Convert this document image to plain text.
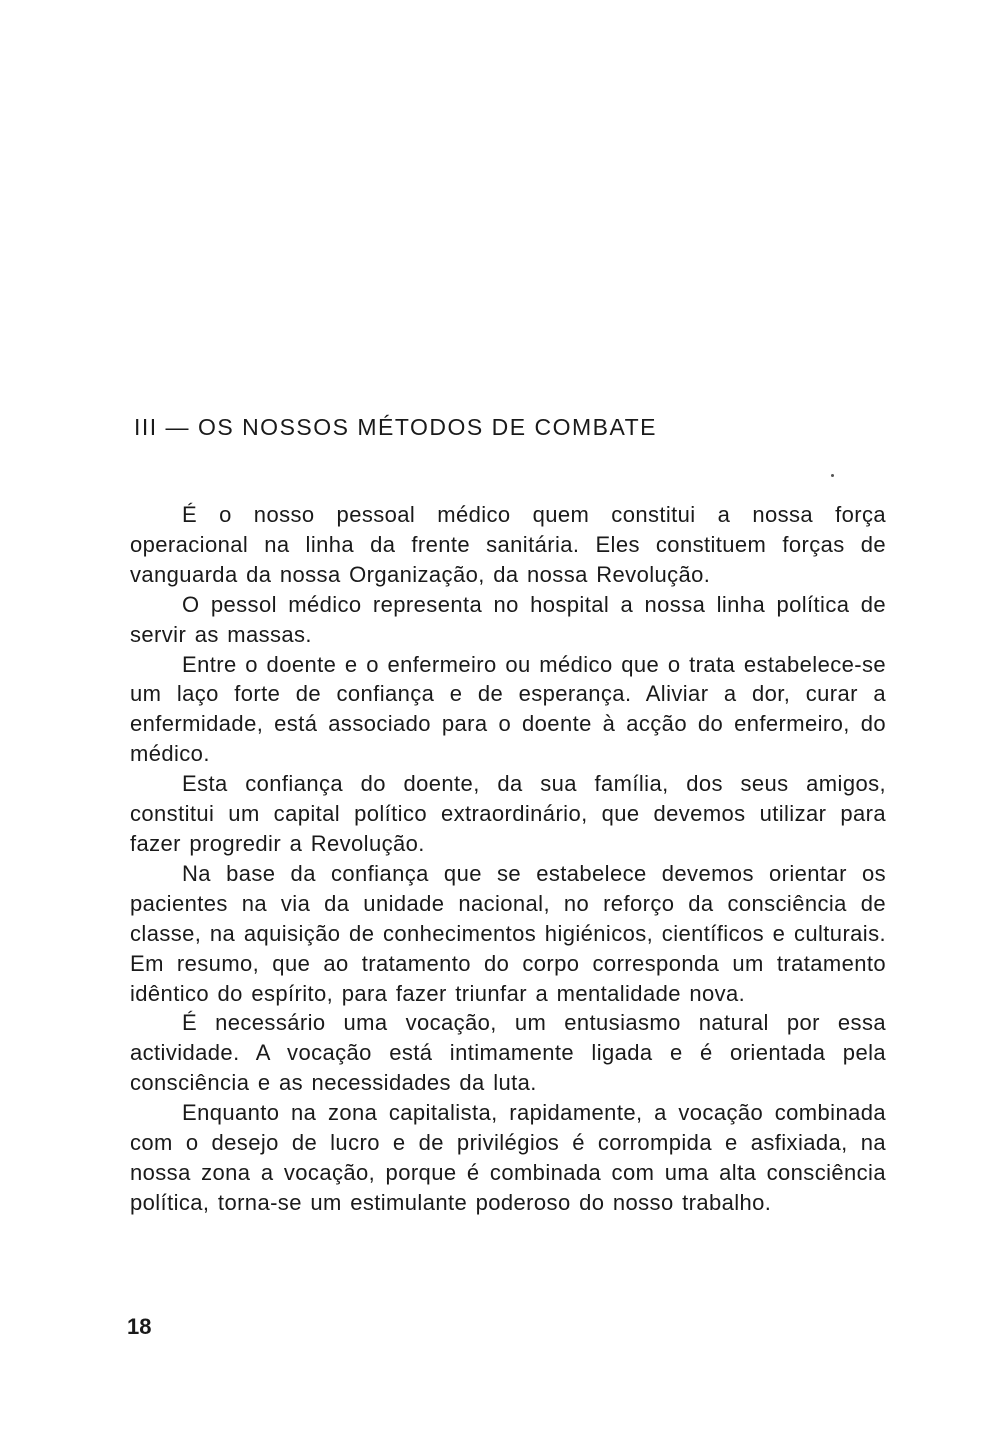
III — OS NOSSOS MÉTODOS DE COMBATE

É o nosso pessoal médico quem constitui a nossa força operacional na linha da frente sanitária. Eles constituem forças de vanguarda da nossa Organização, da nossa Revolução.

O pessol médico representa no hospital a nossa linha política de servir as massas.

Entre o doente e o enfermeiro ou médico que o trata estabelece-se um laço forte de confiança e de esperança. Aliviar a dor, curar a enfermidade, está associado para o doente à acção do enfermeiro, do médico.

Esta confiança do doente, da sua família, dos seus amigos, constitui um capital político extraordinário, que devemos utilizar para fazer progredir a Revolução.

Na base da confiança que se estabelece devemos orientar os pacientes na via da unidade nacional, no reforço da consciência de classe, na aquisição de conhecimentos higiénicos, científicos e culturais. Em resumo, que ao tratamento do corpo corresponda um tratamento idêntico do espírito, para fazer triunfar a mentalidade nova.

É necessário uma vocação, um entusiasmo natural por essa actividade. A vocação está intimamente ligada e é orientada pela consciência e as necessidades da luta.

Enquanto na zona capitalista, rapidamente, a vocação combinada com o desejo de lucro e de privilégios é corrompida e asfixiada, na nossa zona a vocação, porque é combinada com uma alta consciência política, torna-se um estimulante poderoso do nosso trabalho.

18
